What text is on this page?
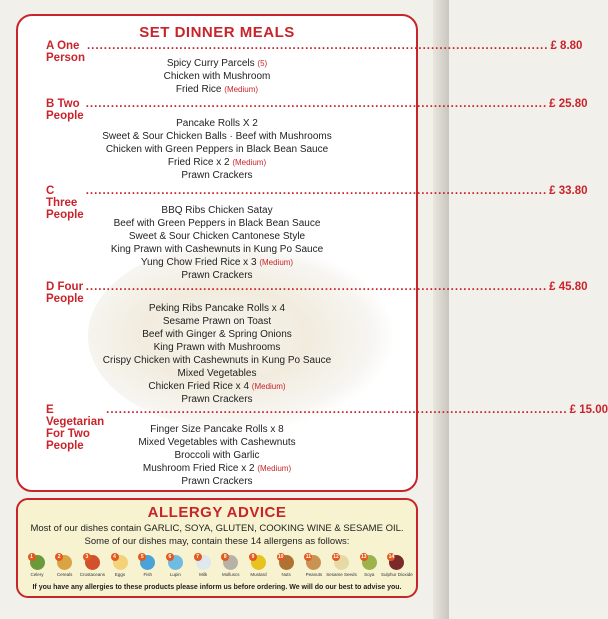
SET DINNER MEALS
A One Person
.............................................................................................................. £ 8.80
Spicy Curry Parcels (5)
Chicken with Mushroom
Fried Rice (Medium)
B Two People
.............................................................................................................. £ 25.80
Pancake Rolls X 2
Sweet & Sour Chicken Balls · Beef with Mushrooms
Chicken with Green Peppers in Black Bean Sauce
Fried Rice x 2 (Medium)
Prawn Crackers
C Three People
.............................................................................................................. £ 33.80
BBQ Ribs Chicken Satay
Beef with Green Peppers in Black Bean Sauce
Sweet & Sour Chicken Cantonese Style
King Prawn with Cashewnuts in Kung Po Sauce
Yung Chow Fried Rice x 3 (Medium)
Prawn Crackers
D Four People
.............................................................................................................. £ 45.80
Peking Ribs Pancake Rolls x 4
Sesame Prawn on Toast
Beef with Ginger & Spring Onions
King Prawn with Mushrooms
Crispy Chicken with Cashewnuts in Kung Po Sauce
Mixed Vegetables
Chicken Fried Rice x 4 (Medium)
Prawn Crackers
E Vegetarian For Two People
.............................................................................................................. £ 15.00
Finger Size Pancake Rolls x 8
Mixed Vegetables with Cashewnuts
Broccoli with Garlic
Mushroom Fried Rice x 2 (Medium)
Prawn Crackers
ALLERGY ADVICE
Most of our dishes contain GARLIC, SOYA, GLUTEN, COOKING WINE & SESAME OIL.
Some of our dishes may, contain these 14 allergens as follows:
1
Celery
2
Cereals
3
Crustaceans
4
Eggs
5
Fish
6
Lupin
7
Milk
8
Molluscs
9
Mustard
10
Nuts
11
Peanuts
12
Sesame Seeds
13
Soya
14
Sulphur Dioxide
If you have any allergies to these products please inform us before ordering. We will do our best to advise you.
